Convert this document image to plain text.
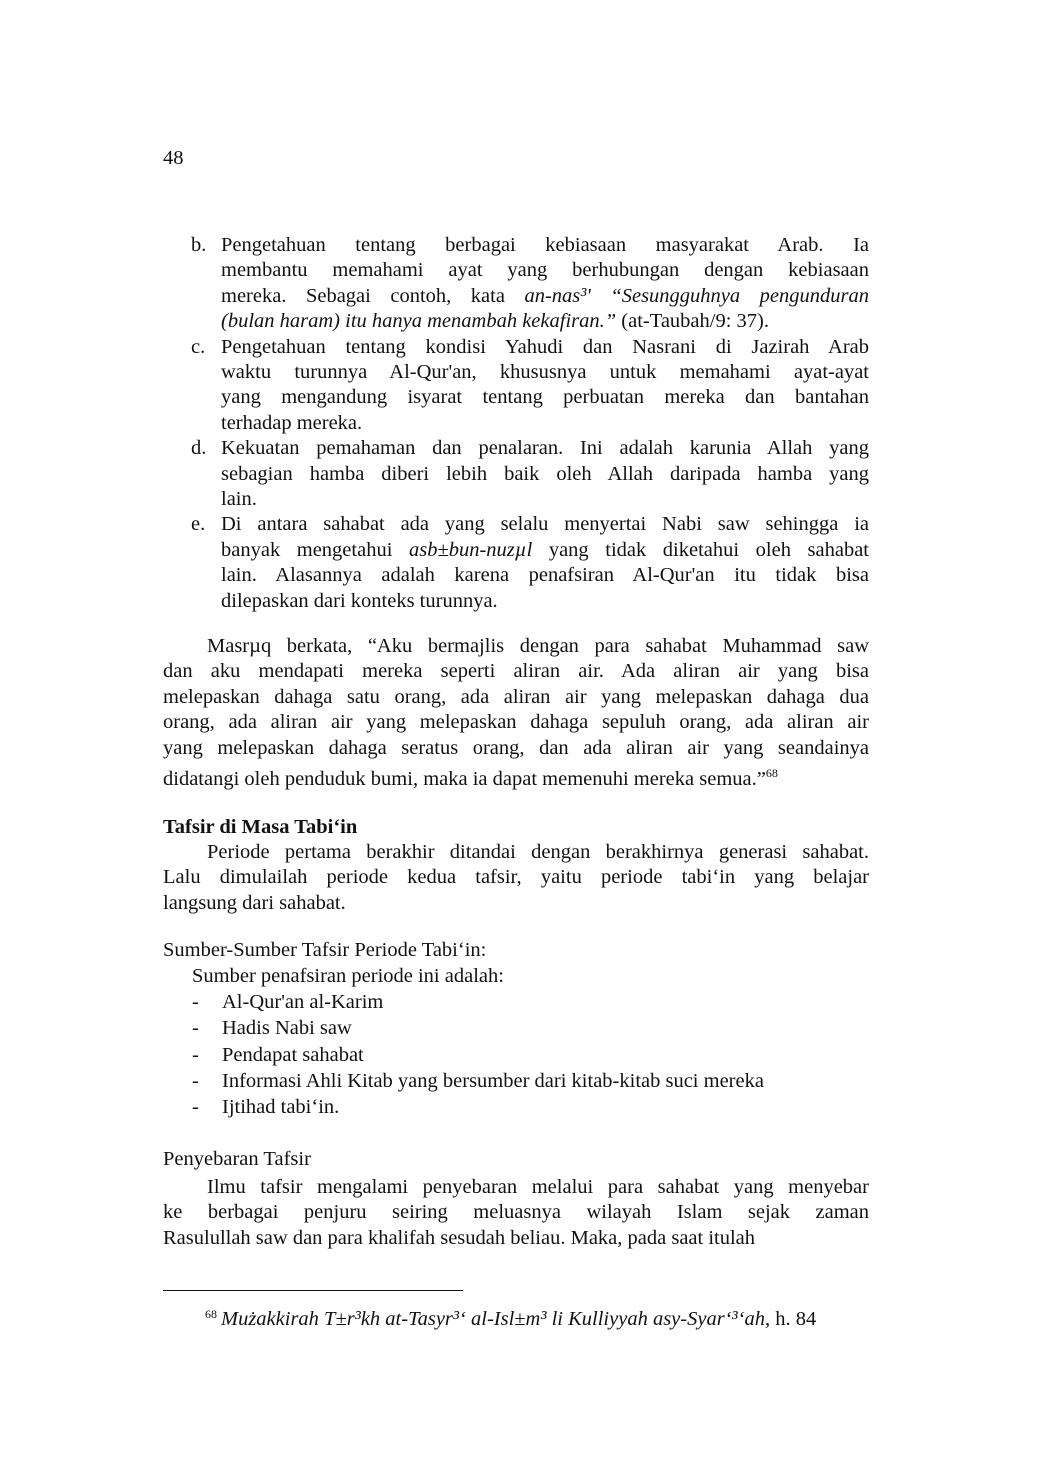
48
b. Pengetahuan tentang berbagai kebiasaan masyarakat Arab. Ia

membantu memahami ayat yang berhubungan dengan kebiasaan

mereka. Sebagai contoh, kata an-nas³' “Sesungguhnya pengunduran

(bulan haram) itu hanya menambah kekafiran.” (at-Taubah/9: 37).

c. Pengetahuan tentang kondisi Yahudi dan Nasrani di Jazirah Arab

waktu turunnya Al-Qur'an, khususnya untuk memahami ayat-ayat

yang mengandung isyarat tentang perbuatan mereka dan bantahan

terhadap mereka.

d. Kekuatan pemahaman dan penalaran. Ini adalah karunia Allah yang

sebagian hamba diberi lebih baik oleh Allah daripada hamba yang

lain.

e. Di antara sahabat ada yang selalu menyertai Nabi saw sehingga ia

banyak mengetahui asb±bun-nuzµl yang tidak diketahui oleh sahabat

lain. Alasannya adalah karena penafsiran Al-Qur'an itu tidak bisa

dilepaskan dari konteks turunnya.

Masrµq berkata, “Aku bermajlis dengan para sahabat Muhammad saw
dan aku mendapati mereka seperti aliran air. Ada aliran air yang bisa
melepaskan dahaga satu orang, ada aliran air yang melepaskan dahaga dua
orang, ada aliran air yang melepaskan dahaga sepuluh orang, ada aliran air
yang melepaskan dahaga seratus orang, dan ada aliran air yang seandainya
didatangi oleh penduduk bumi, maka ia dapat memenuhi mereka semua.”$^{68}$
Tafsir di Masa Tabi‘in
Periode pertama berakhir ditandai dengan berakhirnya generasi sahabat.
Lalu dimulailah periode kedua tafsir, yaitu periode tabi‘in yang belajar
langsung dari sahabat.
Sumber-Sumber Tafsir Periode Tabi‘in:
Sumber penafsiran periode ini adalah:
- Al-Qur'an al-Karim
- Hadis Nabi saw
- Pendapat sahabat
- Informasi Ahli Kitab yang bersumber dari kitab-kitab suci mereka
- Ijtihad tabi‘in.
Penyebaran Tafsir
Ilmu tafsir mengalami penyebaran melalui para sahabat yang menyebar
ke berbagai penjuru seiring meluasnya wilayah Islam sejak zaman
Rasulullah saw dan para khalifah sesudah beliau. Maka, pada saat itulah
$^{68}$ Mużakkirah T±r³kh at-Tasyr³‘ al-Isl±m³ li Kulliyyah asy-Syar‘³‘ah, h. 84
